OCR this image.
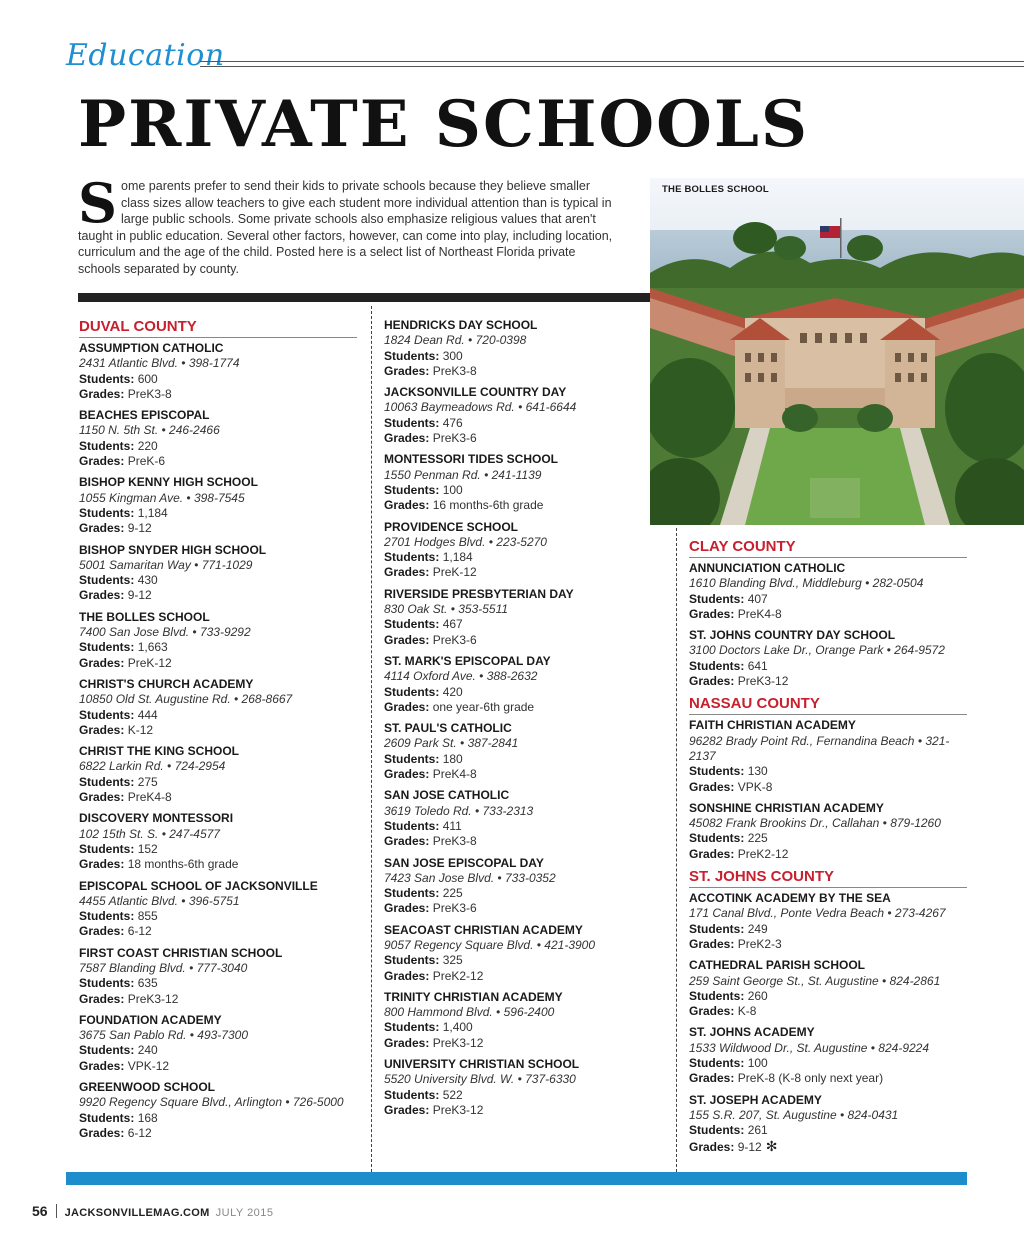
Education
PRIVATE SCHOOLS
Some parents prefer to send their kids to private schools because they believe smaller class sizes allow teachers to give each student more individual attention than is typical in large public schools. Some private schools also emphasize religious values that aren't taught in public education. Several other factors, however, can come into play, including location, curriculum and the age of the child. Posted here is a select list of Northeast Florida private schools separated by county.
THE BOLLES SCHOOL
DUVAL COUNTY
ASSUMPTION CATHOLIC
2431 Atlantic Blvd. • 398-1774
Students: 600
Grades: PreK3-8
BEACHES EPISCOPAL
1150 N. 5th St. • 246-2466
Students: 220
Grades: PreK-6
BISHOP KENNY HIGH SCHOOL
1055 Kingman Ave. • 398-7545
Students: 1,184
Grades: 9-12
BISHOP SNYDER HIGH SCHOOL
5001 Samaritan Way • 771-1029
Students: 430
Grades: 9-12
THE BOLLES SCHOOL
7400 San Jose Blvd. • 733-9292
Students: 1,663
Grades: PreK-12
CHRIST'S CHURCH ACADEMY
10850 Old St. Augustine Rd. • 268-8667
Students: 444
Grades: K-12
CHRIST THE KING SCHOOL
6822 Larkin Rd. • 724-2954
Students: 275
Grades: PreK4-8
DISCOVERY MONTESSORI
102 15th St. S. • 247-4577
Students: 152
Grades: 18 months-6th grade
EPISCOPAL SCHOOL OF JACKSONVILLE
4455 Atlantic Blvd. • 396-5751
Students: 855
Grades: 6-12
FIRST COAST CHRISTIAN SCHOOL
7587 Blanding Blvd. • 777-3040
Students: 635
Grades: PreK3-12
FOUNDATION ACADEMY
3675 San Pablo Rd. • 493-7300
Students: 240
Grades: VPK-12
GREENWOOD SCHOOL
9920 Regency Square Blvd., Arlington • 726-5000
Students: 168
Grades: 6-12
HENDRICKS DAY SCHOOL
1824 Dean Rd. • 720-0398
Students: 300
Grades: PreK3-8
JACKSONVILLE COUNTRY DAY
10063 Baymeadows Rd. • 641-6644
Students: 476
Grades: PreK3-6
MONTESSORI TIDES SCHOOL
1550 Penman Rd. • 241-1139
Students: 100
Grades: 16 months-6th grade
PROVIDENCE SCHOOL
2701 Hodges Blvd. • 223-5270
Students: 1,184
Grades: PreK-12
RIVERSIDE PRESBYTERIAN DAY
830 Oak St. • 353-5511
Students: 467
Grades: PreK3-6
ST. MARK'S EPISCOPAL DAY
4114 Oxford Ave. • 388-2632
Students: 420
Grades: one year-6th grade
ST. PAUL'S CATHOLIC
2609 Park St. • 387-2841
Students: 180
Grades: PreK4-8
SAN JOSE CATHOLIC
3619 Toledo Rd. • 733-2313
Students: 411
Grades: PreK3-8
SAN JOSE EPISCOPAL DAY
7423 San Jose Blvd. • 733-0352
Students: 225
Grades: PreK3-6
SEACOAST CHRISTIAN ACADEMY
9057 Regency Square Blvd. • 421-3900
Students: 325
Grades: PreK2-12
TRINITY CHRISTIAN ACADEMY
800 Hammond Blvd. • 596-2400
Students: 1,400
Grades: PreK3-12
UNIVERSITY CHRISTIAN SCHOOL
5520 University Blvd. W. • 737-6330
Students: 522
Grades: PreK3-12
CLAY COUNTY
ANNUNCIATION CATHOLIC
1610 Blanding Blvd., Middleburg • 282-0504
Students: 407
Grades: PreK4-8
ST. JOHNS COUNTRY DAY SCHOOL
3100 Doctors Lake Dr., Orange Park • 264-9572
Students: 641
Grades: PreK3-12
NASSAU COUNTY
FAITH CHRISTIAN ACADEMY
96282 Brady Point Rd., Fernandina Beach • 321-2137
Students: 130
Grades: VPK-8
SONSHINE CHRISTIAN ACADEMY
45082 Frank Brookins Dr., Callahan • 879-1260
Students: 225
Grades: PreK2-12
ST. JOHNS COUNTY
ACCOTINK ACADEMY BY THE SEA
171 Canal Blvd., Ponte Vedra Beach • 273-4267
Students: 249
Grades: PreK2-3
CATHEDRAL PARISH SCHOOL
259 Saint George St., St. Augustine • 824-2861
Students: 260
Grades: K-8
ST. JOHNS ACADEMY
1533 Wildwood Dr., St. Augustine • 824-9224
Students: 100
Grades: PreK-8 (K-8 only next year)
ST. JOSEPH ACADEMY
155 S.R. 207, St. Augustine • 824-0431
Students: 261
Grades: 9-12 ✻
56 JACKSONVILLEMAG.COM JULY 2015
